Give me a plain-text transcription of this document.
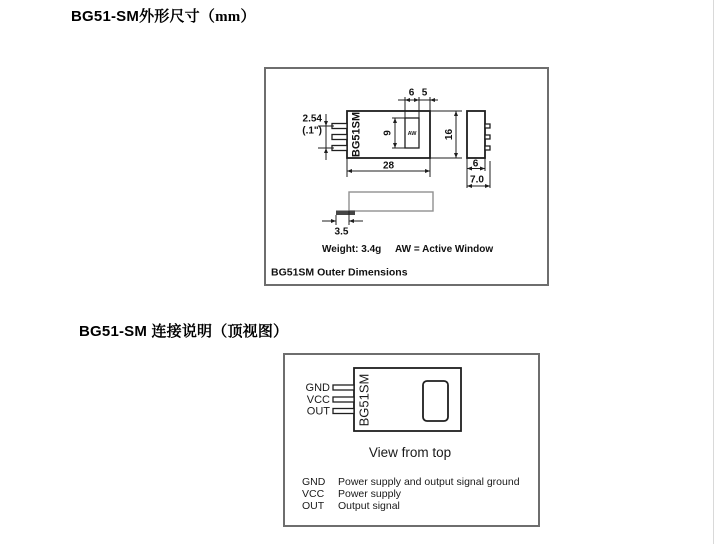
BG51-SM外形尺寸（mm）
BG51SM
2.54
(.1")	AW
9
6 5
16
28	6
7.0
3.5
Weight: 3.4g AW = Active Window
BG51SM Outer Dimensions
BG51-SM 连接说明（顶视图）
BG51SM
GND
VCC
OUT
View from top
GND Power supply and output signal ground
VCC Power supply
OUT Output signal
